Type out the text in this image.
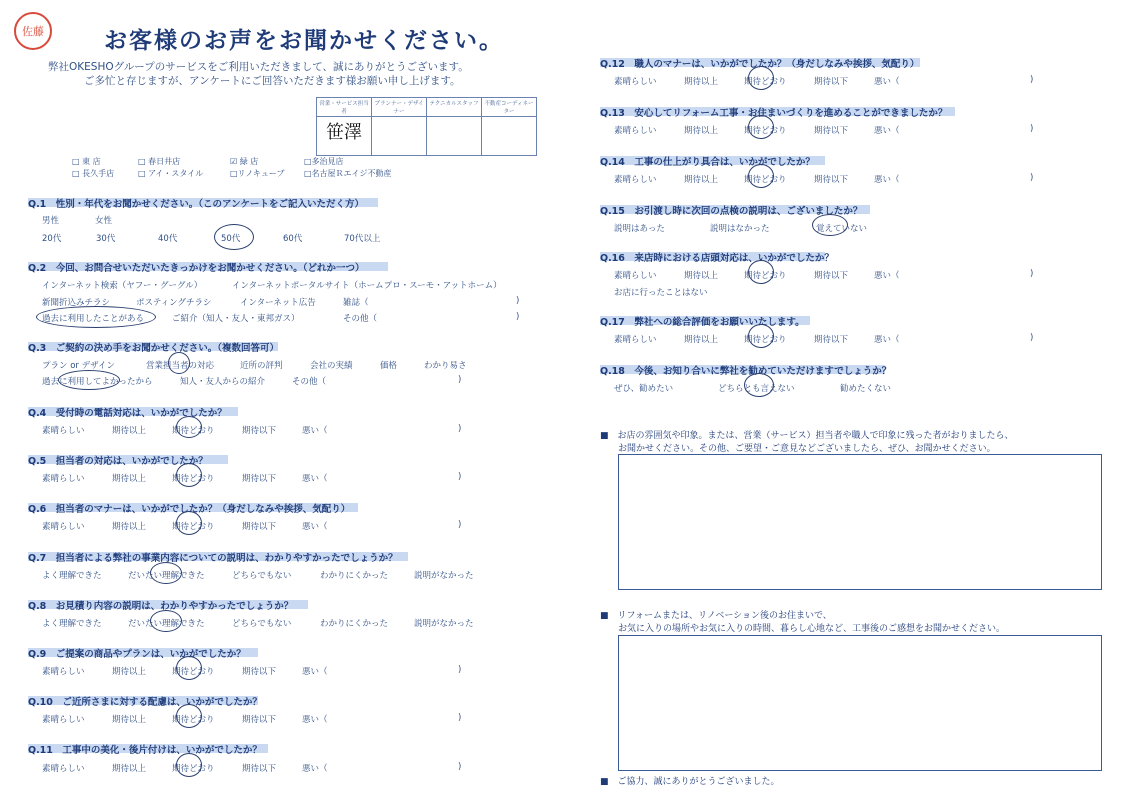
佐藤	お客様のお声をお聞かせください。
弊社OKESHOグループのサービスをご利用いただきまして、誠にありがとうございます。
ご多忙と存じますが、アンケートにご回答いただきます様お願い申し上げます。
営業・サービス担当者	プランナー・デザイナー	テクニカルスタッフ	不動産コーディネーター
笹澤			
□ 東 店	□ 春日井店	☑ 緑 店	□多治見店
□ 長久手店	□ アイ・スタイル	□リノキューブ	□名古屋Ｒエイジ不動産
Q.1　性別・年代をお聞かせください。（このアンケートをご記入いただく方）
男性	女性
20代	30代	40代	50代	60代	70代以上
Q.2　今回、お問合せいただいたきっかけをお聞かせください。（どれか一つ）
インターネット検索（ヤフー・グーグル）	インターネットポータルサイト（ホームプロ・スーモ・アットホーム）
新聞折込みチラシ	ポスティングチラシ	インターネット広告	雑誌（	)
過去に利用したことがある	ご紹介（知人・友人・東邦ガス）	その他（	)
Q.3　ご契約の決め手をお聞かせください。（複数回答可）
プラン or デザイン	営業担当者の対応	近所の評判	会社の実績	価格	わかり易さ
過去に利用してよかったから	知人・友人からの紹介	その他（	)
Q.4　受付時の電話対応は、いかがでしたか？
素晴らしい	期待以上	期待どおり	期待以下	悪い（	)
Q.5　担当者の対応は、いかがでしたか？
素晴らしい	期待以上	期待どおり	期待以下	悪い（	)
Q.6　担当者のマナーは、いかがでしたか？（身だしなみや挨拶、気配り）
素晴らしい	期待以上	期待どおり	期待以下	悪い（	)
Q.7　担当者による弊社の事業内容についての説明は、わかりやすかったでしょうか？
よく理解できた	だいたい理解できた	どちらでもない	わかりにくかった	説明がなかった
Q.8　お見積り内容の説明は、わかりやすかったでしょうか？
よく理解できた	だいたい理解できた	どちらでもない	わかりにくかった	説明がなかった
Q.9　ご提案の商品やプランは、いかがでしたか？
素晴らしい	期待以上	期待どおり	期待以下	悪い（	)
Q.10　ご近所さまに対する配慮は、いかがでしたか？
素晴らしい	期待以上	期待どおり	期待以下	悪い（	)
Q.11　工事中の美化・後片付けは、いかがでしたか？
素晴らしい	期待以上	期待どおり	期待以下	悪い（	)
Q.12　職人のマナーは、いかがでしたか？（身だしなみや挨拶、気配り）
素晴らしい	期待以上	期待どおり	期待以下	悪い（	)
Q.13　安心してリフォーム工事・お住まいづくりを進めることができましたか？
素晴らしい	期待以上	期待どおり	期待以下	悪い（	)
Q.14　工事の仕上がり具合は、いかがでしたか？
素晴らしい	期待以上	期待どおり	期待以下	悪い（	)
Q.15　お引渡し時に次回の点検の説明は、ございましたか？
説明はあった	説明はなかった	覚えていない
Q.16　来店時における店頭対応は、いかがでしたか？
素晴らしい	期待以上	期待どおり	期待以下	悪い（	)
お店に行ったことはない
Q.17　弊社への総合評価をお願いいたします。
素晴らしい	期待以上	期待どおり	期待以下	悪い（	)
Q.18　今後、お知り合いに弊社を勧めていただけますでしょうか？
ぜひ、勧めたい	どちらとも言えない	勧めたくない
■　お店の雰囲気や印象。または、営業（サービス）担当者や職人で印象に残った者がおりましたら、
お聞かせください。その他、ご要望・ご意見などございましたら、ぜひ、お聞かせください。
■　リフォームまたは、リノベーション後のお住まいで、
お気に入りの場所やお気に入りの時間、暮らし心地など、工事後のご感想をお聞かせください。
■　ご協力、誠にありがとうございました。
